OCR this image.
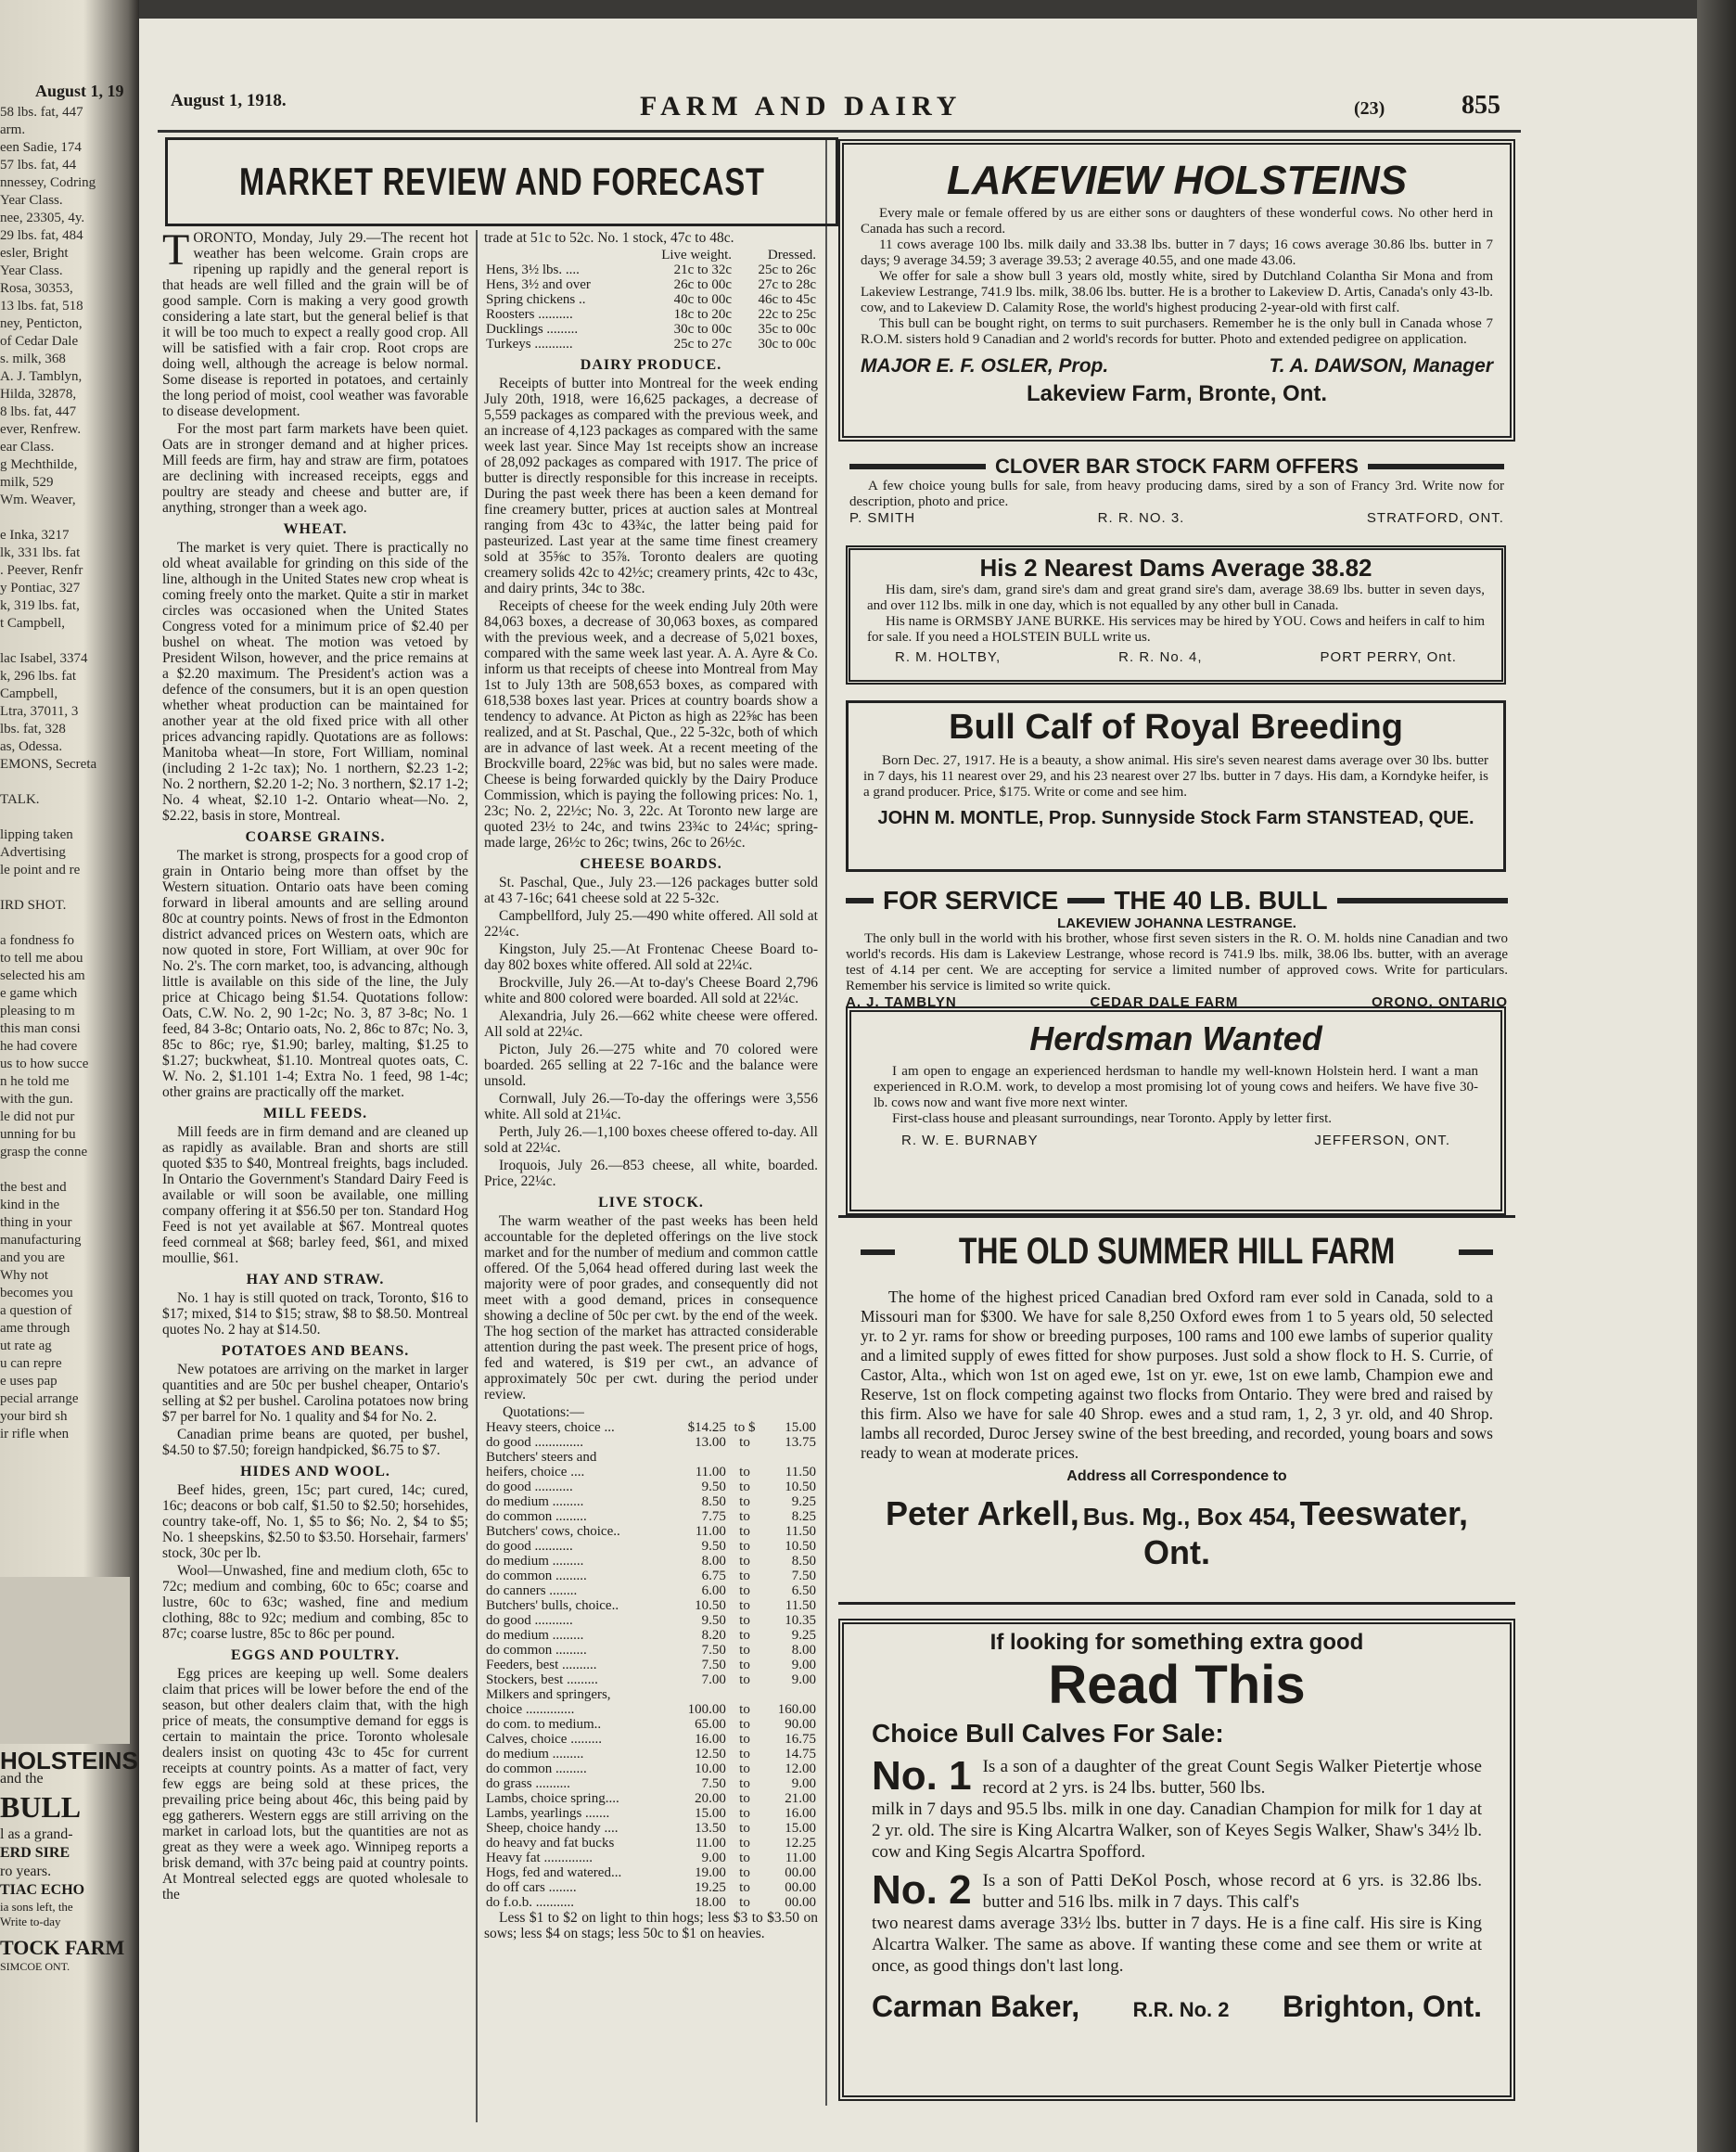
August 1, 19
58 lbs. fat, 447
arm.
een Sadie, 174
57 lbs. fat, 44
nnessey, Codring
Year Class.
nee, 23305, 4y.
29 lbs. fat, 484
esler, Bright
Year Class.
Rosa, 30353,
13 lbs. fat, 518
ney, Penticton,
of Cedar Dale
s. milk, 368
A. J. Tamblyn,
Hilda, 32878,
8 lbs. fat, 447
ever, Renfrew.
ear Class.
g Mechthilde,
milk, 529
Wm. Weaver,

e Inka, 3217
lk, 331 lbs. fat
. Peever, Renfr
y Pontiac, 327
k, 319 lbs. fat,
t Campbell,

lac Isabel, 3374
k, 296 lbs. fat
Campbell,
Ltra, 37011, 3
lbs. fat, 328
as, Odessa.
EMONS, Secreta

TALK.

lipping taken
Advertising
le point and re

IRD SHOT.

a fondness fo
to tell me abou
selected his am
e game which
pleasing to m
this man consi
he had covere
us to how succe
n he told me
with the gun.
le did not pur
unning for bu
grasp the conne

the best and
kind in the
thing in your
manufacturing
and you are
Why not
becomes you
a question of
ame through
ut rate ag
u can repre
e uses pap
pecial arrange
your bird sh
ir rifle when

HOLSTEINS
and the
BULL
l as a grand-
ERD SIRE
ro years.
TIAC ECHO
ia sons left, the
Write to-day
TOCK FARM
SIMCOE ONT.
August 1, 1918.	FARM AND DAIRY	(23)	855
MARKET REVIEW AND FORECAST

TORONTO, Monday, July 29.—The recent hot weather has been welcome. Grain crops are ripening up rapidly and the general report is that heads are well filled and the grain will be of good sample. Corn is making a very good growth considering a late start, but the general belief is that it will be too much to expect a really good crop. All will be satisfied with a fair crop. Root crops are doing well, although the acreage is below normal. Some disease is reported in potatoes, and certainly the long period of moist, cool weather was favorable to disease development.

For the most part farm markets have been quiet. Oats are in stronger demand and at higher prices. Mill feeds are firm, hay and straw are firm, potatoes are declining with increased receipts, eggs and poultry are steady and cheese and butter are, if anything, stronger than a week ago.

WHEAT.

The market is very quiet. There is practically no old wheat available for grinding on this side of the line, although in the United States new crop wheat is coming freely onto the market. Quite a stir in market circles was occasioned when the United States Congress voted for a minimum price of $2.40 per bushel on wheat. The motion was vetoed by President Wilson, however, and the price remains at a $2.20 maximum. The President's action was a defence of the consumers, but it is an open question whether wheat production can be maintained for another year at the old fixed price with all other prices advancing rapidly. Quotations are as follows: Manitoba wheat—In store, Fort William, nominal (including 2 1-2c tax); No. 1 northern, $2.23 1-2; No. 2 northern, $2.20 1-2; No. 3 northern, $2.17 1-2; No. 4 wheat, $2.10 1-2. Ontario wheat—No. 2, $2.22, basis in store, Montreal.

COARSE GRAINS.

The market is strong, prospects for a good crop of grain in Ontario being more than offset by the Western situation. Ontario oats have been coming forward in liberal amounts and are selling around 80c at country points. News of frost in the Edmonton district advanced prices on Western oats, which are now quoted in store, Fort William, at over 90c for No. 2's. The corn market, too, is advancing, although little is available on this side of the line, the July price at Chicago being $1.54. Quotations follow: Oats, C.W. No. 2, 90 1-2c; No. 3, 87 3-8c; No. 1 feed, 84 3-8c; Ontario oats, No. 2, 86c to 87c; No. 3, 85c to 86c; rye, $1.90; barley, malting, $1.25 to $1.27; buckwheat, $1.10. Montreal quotes oats, C. W. No. 2, $1.101 1-4; Extra No. 1 feed, 98 1-4c; other grains are practically off the market.

MILL FEEDS.

Mill feeds are in firm demand and are cleaned up as rapidly as available. Bran and shorts are still quoted $35 to $40, Montreal freights, bags included. In Ontario the Government's Standard Dairy Feed is available or will soon be available, one milling company offering it at $56.50 per ton. Standard Hog Feed is not yet available at $67. Montreal quotes feed cornmeal at $68; barley feed, $61, and mixed moullie, $61.

HAY AND STRAW.

No. 1 hay is still quoted on track, Toronto, $16 to $17; mixed, $14 to $15; straw, $8 to $8.50. Montreal quotes No. 2 hay at $14.50.

POTATOES AND BEANS.

New potatoes are arriving on the market in larger quantities and are 50c per bushel cheaper, Ontario's selling at $2 per bushel. Carolina potatoes now bring $7 per barrel for No. 1 quality and $4 for No. 2.

Canadian prime beans are quoted, per bushel, $4.50 to $7.50; foreign handpicked, $6.75 to $7.

HIDES AND WOOL.

Beef hides, green, 15c; part cured, 14c; cured, 16c; deacons or bob calf, $1.50 to $2.50; horsehides, country take-off, No. 1, $5 to $6; No. 2, $4 to $5; No. 1 sheepskins, $2.50 to $3.50. Horsehair, farmers' stock, 30c per lb.

Wool—Unwashed, fine and medium cloth, 65c to 72c; medium and combing, 60c to 65c; coarse and lustre, 60c to 63c; washed, fine and medium clothing, 88c to 92c; medium and combing, 85c to 87c; coarse lustre, 85c to 86c per pound.

EGGS AND POULTRY.

Egg prices are keeping up well. Some dealers claim that prices will be lower before the end of the season, but other dealers claim that, with the high price of meats, the consumptive demand for eggs is certain to maintain the price. Toronto wholesale dealers insist on quoting 43c to 45c for current receipts at country points. As a matter of fact, very few eggs are being sold at these prices, the prevailing price being about 46c, this being paid by egg gatherers. Western eggs are still arriving on the market in carload lots, but the quantities are not as great as they were a week ago. Winnipeg reports a brisk demand, with 37c being paid at country points. At Montreal selected eggs are quoted wholesale to the

trade at 51c to 52c. No. 1 stock, 47c to 48c.

	Live weight.	Dressed.
Hens, 3½ lbs. ....	21c to 32c	25c to 26c
Hens, 3½ and over	26c to 00c	27c to 28c
Spring chickens ..	40c to 00c	46c to 45c
Roosters ..........	18c to 20c	22c to 25c
Ducklings .........	30c to 00c	35c to 00c
Turkeys ...........	25c to 27c	30c to 00c
DAIRY PRODUCE.

Receipts of butter into Montreal for the week ending July 20th, 1918, were 16,625 packages, a decrease of 5,559 packages as compared with the previous week, and an increase of 4,123 packages as compared with the same week last year. Since May 1st receipts show an increase of 28,092 packages as compared with 1917. The price of butter is directly responsible for this increase in receipts. During the past week there has been a keen demand for fine creamery butter, prices at auction sales at Montreal ranging from 43c to 43¾c, the latter being paid for pasteurized. Last year at the same time finest creamery sold at 35⅝c to 35⅞. Toronto dealers are quoting creamery solids 42c to 42½c; creamery prints, 42c to 43c, and dairy prints, 34c to 38c.

Receipts of cheese for the week ending July 20th were 84,063 boxes, a decrease of 30,063 boxes, as compared with the previous week, and a decrease of 5,021 boxes, compared with the same week last year. A. A. Ayre & Co. inform us that receipts of cheese into Montreal from May 1st to July 13th are 508,653 boxes, as compared with 618,538 boxes last year. Prices at country boards show a tendency to advance. At Picton as high as 22⅝c has been realized, and at St. Paschal, Que., 22 5-32c, both of which are in advance of last week. At a recent meeting of the Brockville board, 22⅝c was bid, but no sales were made. Cheese is being forwarded quickly by the Dairy Produce Commission, which is paying the following prices: No. 1, 23c; No. 2, 22½c; No. 3, 22c. At Toronto new large are quoted 23½ to 24c, and twins 23¾c to 24¼c; spring-made large, 26½c to 26c; twins, 26c to 26½c.

CHEESE BOARDS.

St. Paschal, Que., July 23.—126 packages butter sold at 43 7-16c; 641 cheese sold at 22 5-32c.

Campbellford, July 25.—490 white offered. All sold at 22¼c.

Kingston, July 25.—At Frontenac Cheese Board to-day 802 boxes white offered. All sold at 22¼c.

Brockville, July 26.—At to-day's Cheese Board 2,796 white and 800 colored were boarded. All sold at 22¼c.

Alexandria, July 26.—662 white cheese were offered. All sold at 22¼c.

Picton, July 26.—275 white and 70 colored were boarded. 265 selling at 22 7-16c and the balance were unsold.

Cornwall, July 26.—To-day the offerings were 3,556 white. All sold at 21¼c.

Perth, July 26.—1,100 boxes cheese offered to-day. All sold at 22¼c.

Iroquois, July 26.—853 cheese, all white, boarded. Price, 22¼c.

LIVE STOCK.

The warm weather of the past weeks has been held accountable for the depleted offerings on the live stock market and for the number of medium and common cattle offered. Of the 5,064 head offered during last week the majority were of poor grades, and consequently did not meet with a good demand, prices in consequence showing a decline of 50c per cwt. by the end of the week. The hog section of the market has attracted considerable attention during the past week. The present price of hogs, fed and watered, is $19 per cwt., an advance of approximately 50c per cwt. during the period under review.

Quotations:—
Heavy steers, choice ...	$14.25	to $	15.00
do good ..............	13.00	to	13.75
Butchers' steers and			
heifers, choice ....	11.00	to	11.50
do good ...........	9.50	to	10.50
do medium .........	8.50	to	9.25
do common .........	7.75	to	8.25
Butchers' cows, choice..	11.00	to	11.50
do good ...........	9.50	to	10.50
do medium .........	8.00	to	8.50
do common .........	6.75	to	7.50
do canners ........	6.00	to	6.50
Butchers' bulls, choice..	10.50	to	11.50
do good ...........	9.50	to	10.35
do medium .........	8.20	to	9.25
do common .........	7.50	to	8.00
Feeders, best ..........	7.50	to	9.00
Stockers, best .........	7.00	to	9.00
Milkers and springers,			
choice ..............	100.00	to	160.00
do com. to medium..	65.00	to	90.00
Calves, choice .........	16.00	to	16.75
do medium .........	12.50	to	14.75
do common .........	10.00	to	12.00
do grass ..........	7.50	to	9.00
Lambs, choice spring....	20.00	to	21.00
Lambs, yearlings .......	15.00	to	16.00
Sheep, choice handy ....	13.50	to	15.00
do heavy and fat bucks	11.00	to	12.25
Heavy fat ..............	9.00	to	11.00
Hogs, fed and watered...	19.00	to	00.00
do off cars ........	19.25	to	00.00
do f.o.b. ...........	18.00	to	00.00

Less $1 to $2 on light to thin hogs; less $3 to $3.50 on sows; less $4 on stags; less 50c to $1 on heavies.

LAKEVIEW HOLSTEINS

Every male or female offered by us are either sons or daughters of these wonderful cows. No other herd in Canada has such a record.

11 cows average 100 lbs. milk daily and 33.38 lbs. butter in 7 days; 16 cows average 30.86 lbs. butter in 7 days; 9 average 34.59; 3 average 39.53; 2 average 40.55, and one made 43.06.

We offer for sale a show bull 3 years old, mostly white, sired by Dutchland Colantha Sir Mona and from Lakeview Lestrange, 741.9 lbs. milk, 38.06 lbs. butter. He is a brother to Lakeview D. Artis, Canada's only 43-lb. cow, and to Lakeview D. Calamity Rose, the world's highest producing 2-year-old with first calf.

This bull can be bought right, on terms to suit purchasers. Remember he is the only bull in Canada whose 7 R.O.M. sisters hold 9 Canadian and 2 world's records for butter. Photo and extended pedigree on application.

MAJOR E. F. OSLER, Prop.	T. A. DAWSON, Manager
Lakeview Farm, Bronte, Ont.
CLOVER BAR STOCK FARM OFFERS

A few choice young bulls for sale, from heavy producing dams, sired by a son of Francy 3rd. Write now for description, photo and price.

P. SMITH	R. R. NO. 3.	STRATFORD, ONT.
His 2 Nearest Dams Average 38.82

His dam, sire's dam, grand sire's dam and great grand sire's dam, average 38.69 lbs. butter in seven days, and over 112 lbs. milk in one day, which is not equalled by any other bull in Canada.

His name is ORMSBY JANE BURKE. His services may be hired by YOU. Cows and heifers in calf to him for sale. If you need a HOLSTEIN BULL write us.

R. M. HOLTBY,	R. R. No. 4,	PORT PERRY, Ont.
Bull Calf of Royal Breeding

Born Dec. 27, 1917. He is a beauty, a show animal. His sire's seven nearest dams average over 30 lbs. butter in 7 days, his 11 nearest over 29, and his 23 nearest over 27 lbs. butter in 7 days. His dam, a Korndyke heifer, is a grand producer. Price, $175. Write or come and see him.

JOHN M. MONTLE, Prop. Sunnyside Stock Farm STANSTEAD, QUE.
FOR SERVICE THE 40 LB. BULL
LAKEVIEW JOHANNA LESTRANGE.

The only bull in the world with his brother, whose first seven sisters in the R. O. M. holds nine Canadian and two world's records. His dam is Lakeview Lestrange, whose record is 741.9 lbs. milk, 38.06 lbs. butter, with an average test of 4.14 per cent. We are accepting for service a limited number of approved cows. Write for particulars. Remember his service is limited so write quick.

A. J. TAMBLYN	CEDAR DALE FARM	ORONO, ONTARIO
Herdsman Wanted

I am open to engage an experienced herdsman to handle my well-known Holstein herd. I want a man experienced in R.O.M. work, to develop a most promising lot of young cows and heifers. We have five 30-lb. cows now and want five more next winter.

First-class house and pleasant surroundings, near Toronto. Apply by letter first.

R. W. E. BURNABY	JEFFERSON, ONT.
THE OLD SUMMER HILL FARM

The home of the highest priced Canadian bred Oxford ram ever sold in Canada, sold to a Missouri man for $300. We have for sale 8,250 Oxford ewes from 1 to 5 years old, 50 selected yr. to 2 yr. rams for show or breeding purposes, 100 rams and 100 ewe lambs of superior quality and a limited supply of ewes fitted for show purposes. Just sold a show flock to H. S. Currie, of Castor, Alta., which won 1st on aged ewe, 1st on yr. ewe, 1st on ewe lamb, Champion ewe and Reserve, 1st on flock competing against two flocks from Ontario. They were bred and raised by this firm. Also we have for sale 40 Shrop. ewes and a stud ram, 1, 2, 3 yr. old, and 40 Shrop. lambs all recorded, Duroc Jersey swine of the best breeding, and recorded, young boars and sows ready to wean at moderate prices.

Address all Correspondence to
Peter Arkell, Bus. Mg., Box 454, Teeswater, Ont.
If looking for something extra good
Read This
Choice Bull Calves For Sale:
No. 1 Is a son of a daughter of the great Count Segis Walker Pietertje whose record at 2 yrs. is 24 lbs. butter, 560 lbs.

milk in 7 days and 95.5 lbs. milk in one day. Canadian Champion for milk for 1 day at 2 yr. old. The sire is King Alcartra Walker, son of Keyes Segis Walker, Shaw's 34½ lb. cow and King Segis Alcartra Spofford.

No. 2 Is a son of Patti DeKol Posch, whose record at 6 yrs. is 32.86 lbs. butter and 516 lbs. milk in 7 days. This calf's

two nearest dams average 33½ lbs. butter in 7 days. He is a fine calf. His sire is King Alcartra Walker. The same as above. If wanting these come and see them or write at once, as good things don't last long.

Carman Baker,	R.R. No. 2 Brighton, Ont.
